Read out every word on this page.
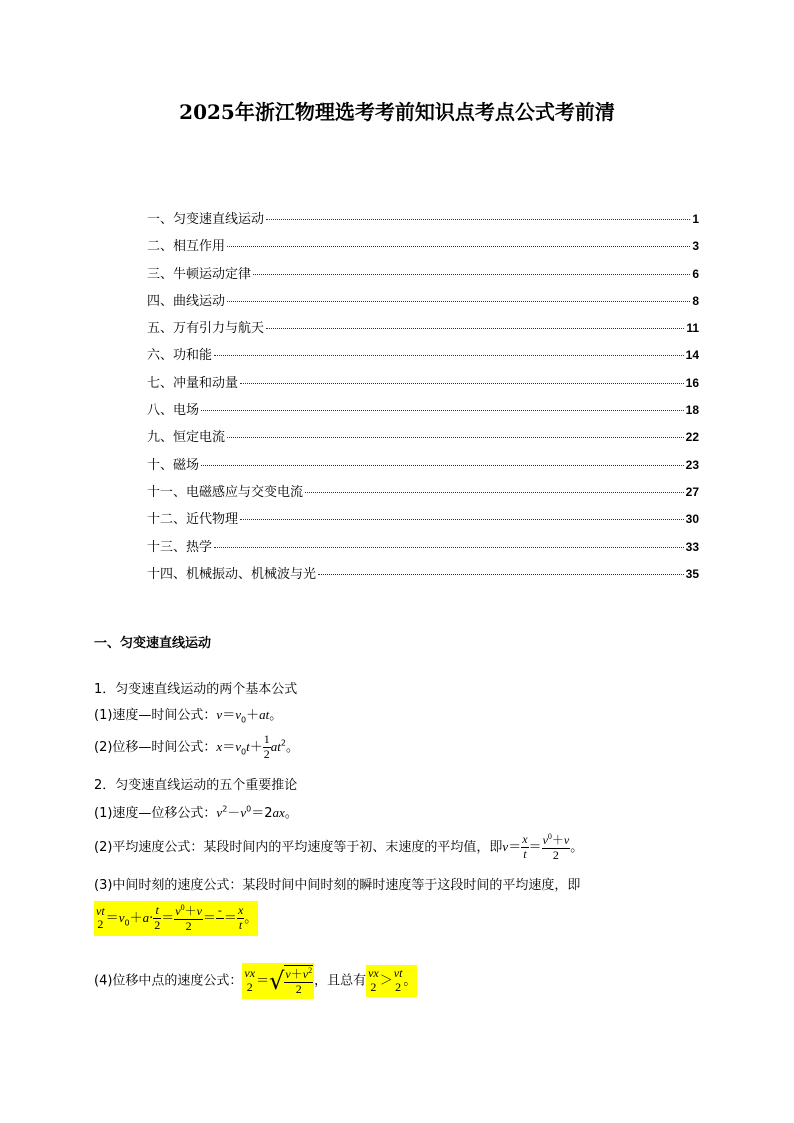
2025年浙江物理选考考前知识点考点公式考前清
一、匀变速直线运动	1
二、相互作用	3
三、牛顿运动定律	6
四、曲线运动	8
五、万有引力与航天	11
六、功和能	14
七、冲量和动量	16
八、电场	18
九、恒定电流	22
十、磁场	23
十一、电磁感应与交变电流	27
十二、近代物理	30
十三、热学	33
十四、机械振动、机械波与光	35
一、匀变速直线运动
1．匀变速直线运动的两个基本公式
(1)速度—时间公式：$v=v_0+at$。
(2)位移—时间公式：$x=v_0t+ \frac{1}{2} at^2$。
2．匀变速直线运动的五个重要推论
(1)速度—位移公式：$v^2-v^0=2ax$。
(2)平均速度公式：某段时间内的平均速度等于初、末速度的平均值，即$v= \frac{x}{t} = \frac{v^0+v}{2}$ 。
(3)中间时刻的速度公式：某段时间中间时刻的瞬时速度等于这段时间的平均速度，即
vt
$2 =v_0+a\cdot \frac{t}{2} = \frac{v^0+v}{2}$ ＝
-
＝ $\frac{x}{t}$ 。
(4)位移中点的速度公式：
vx
2 ＝√ $\frac{v+v^2}{2}$ ，且总有
vx
2 ＞
vt
2 。
